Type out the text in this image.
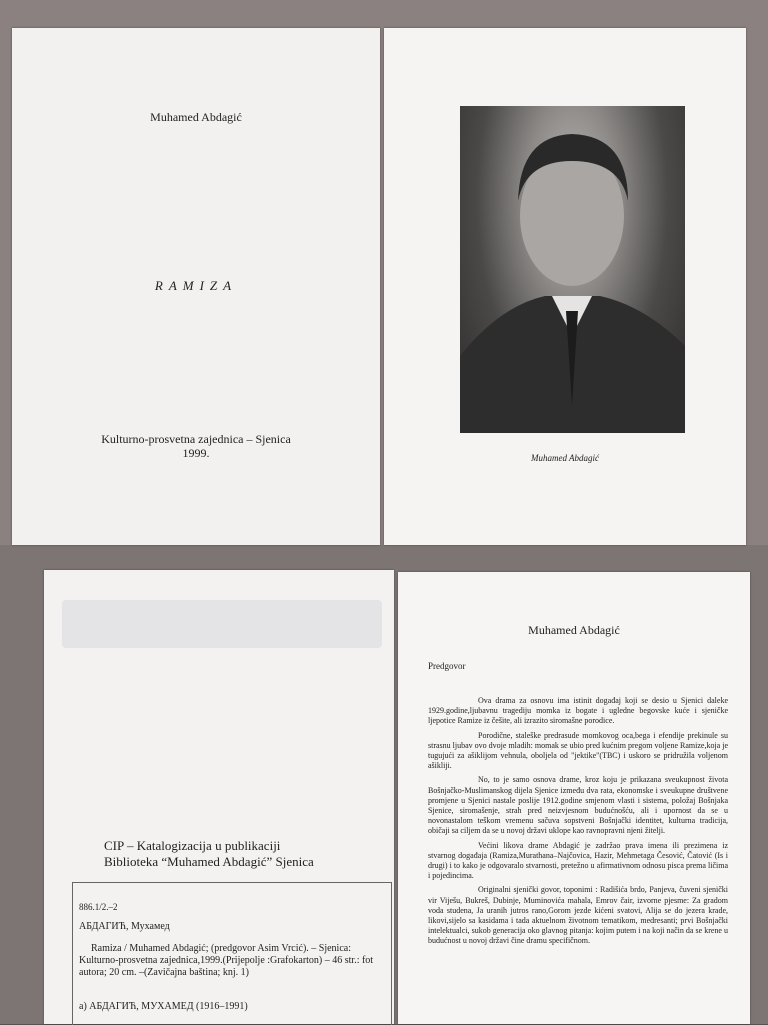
Muhamed Abdagić
RAMIZA
Kulturno-prosvetna zajednica – Sjenica
1999.	Muhamed Abdagić
CIP – Katalogizacija u publikaciji
Biblioteka “Muhamed Abdagić” Sjenica
886.1/2.–2
АБДАГИЋ, Мухамед
Ramiza / Muhamed Abdagić; (predgovor Asim Vrcić). – Sjenica: Kulturno-prosvetna zajednica,1999.(Prijepolje :Grafokarton) – 46 str.: fot autora; 20 cm. –(Zavičajna baština; knj. 1)
a) АБДАГИЋ, МУХАМЕД (1916–1991)
Muhamed Abdagić
Predgovor

Ova drama za osnovu ima istinit događaj koji se desio u Sjenici daleke 1929.godine,ljubavnu tragediju momka iz bogate i ugledne begovske kuće i sjeničke ljepotice Ramize iz češite, ali izrazito siromašne porodice.

Porodične, staleške predrasude momkovog oca,bega i efendije prekinule su strasnu ljubav ovo dvoje mladih: momak se ubio pred kućnim pregom voljene Ramize,koja je tugujući za ašiklijom vehnula, oboljela od "jektike"(TBC) i uskoro se pridružila voljenom ašikliji.

No, to je samo osnova drame, kroz koju je prikazana sveukupnost života Bošnjačko-Muslimanskog dijela Sjenice između dva rata, ekonomske i sveukupne društvene promjene u Sjenici nastale poslije 1912.godine smjenom vlasti i sistema, položaj Bošnjaka Sjenice, siromašenje, strah pred neizvjesnom budućnošću, ali i upornost da se u novonastalom teškom vremenu sačuva sopstveni Bošnjački identitet, kulturna tradicija, običaji sa ciljem da se u novoj državi uklope kao ravnopravni njeni žitelji.

Većini likova drame Abdagić je zadržao prava imena ili prezimena iz stvarnog događaja (Ramiza,Murathana–Najčovica, Hazir, Mehmetaga Česović, Čatović (Is i drugi) i to kako je odgovaralo stvarnosti, pretežno u afirmativnom odnosu pisca prema ličima i pojedincima.

Originalni sjenički govor, toponimi : Radišića brdo, Panjeva, čuveni sjenički vir Viješu, Bukreš, Dubinje, Muminovića mahala, Emrov čair, izvorne pjesme: Za gradom voda studena, Ja uranih jutros rano,Gorom jezde kićeni svatovi, Alija se do jezera krade, likovi,sijelo sa kasidama i tada aktuelnom životnom tematikom, medresanti; prvi Bošnjački intelektualci, sukob generacija oko glavnog pitanja: kojim putem i na koji način da se krene u budućnost u novoj državi čine dramu specifičnom.
